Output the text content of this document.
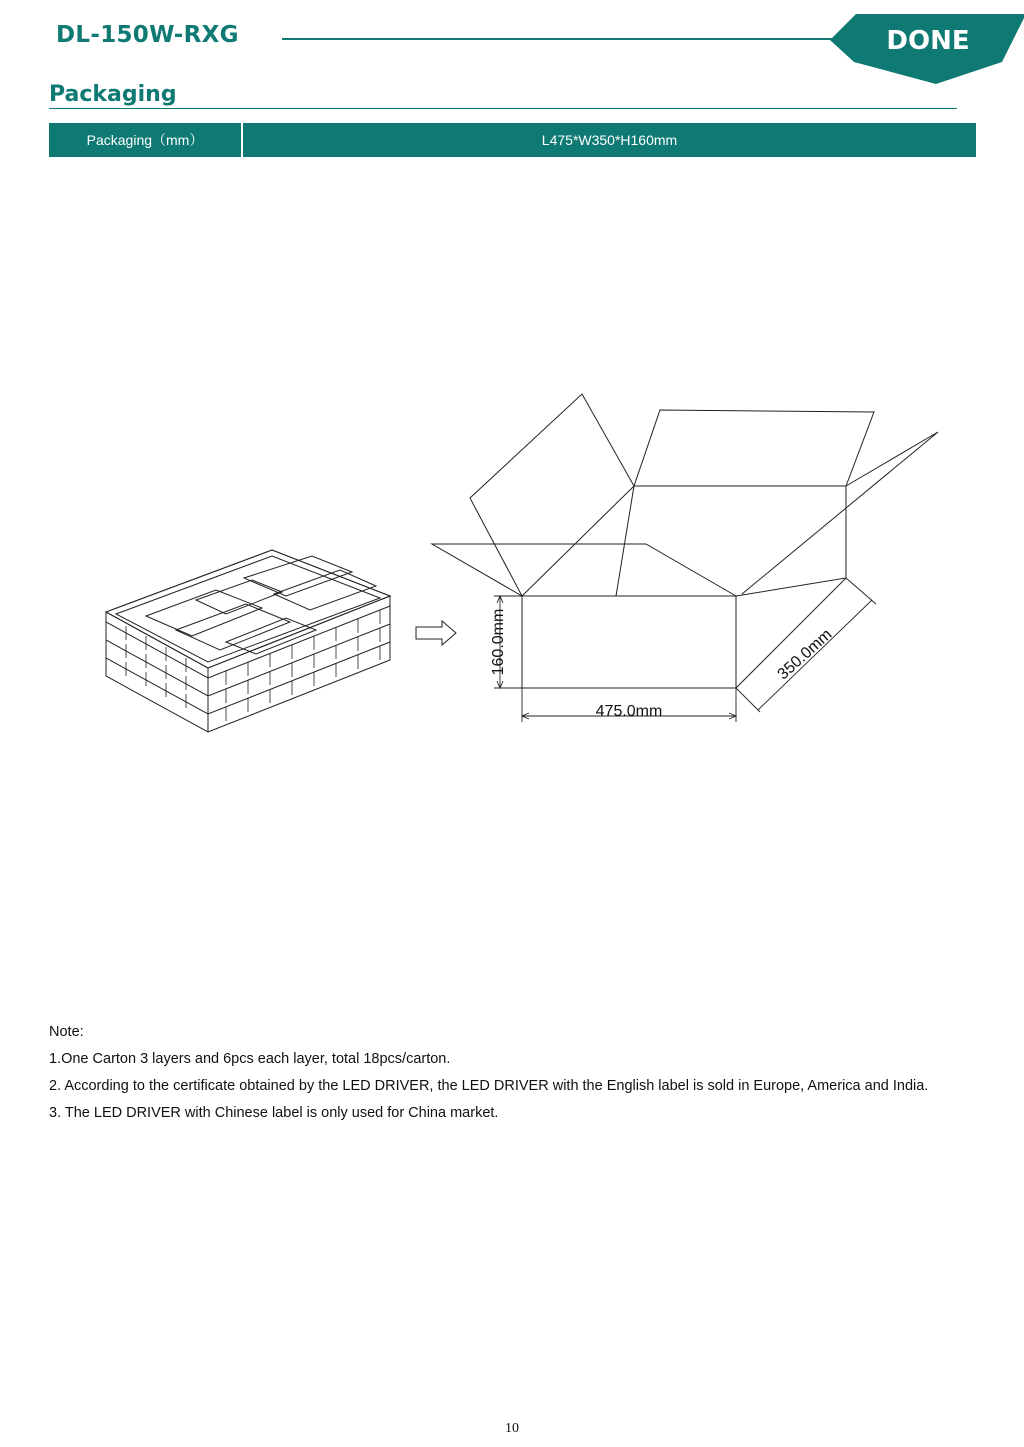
DL-150W-RXG	DONE
Packaging
Packaging（mm）	L475*W350*H160mm
160.0mm
475.0mm
350.0mm
Note:
1.One Carton 3 layers and 6pcs each layer, total 18pcs/carton.
2. According to the certificate obtained by the LED DRIVER, the LED DRIVER with the English label is sold in Europe, America and India.
3. The LED DRIVER with Chinese label is only used for China market.
10
